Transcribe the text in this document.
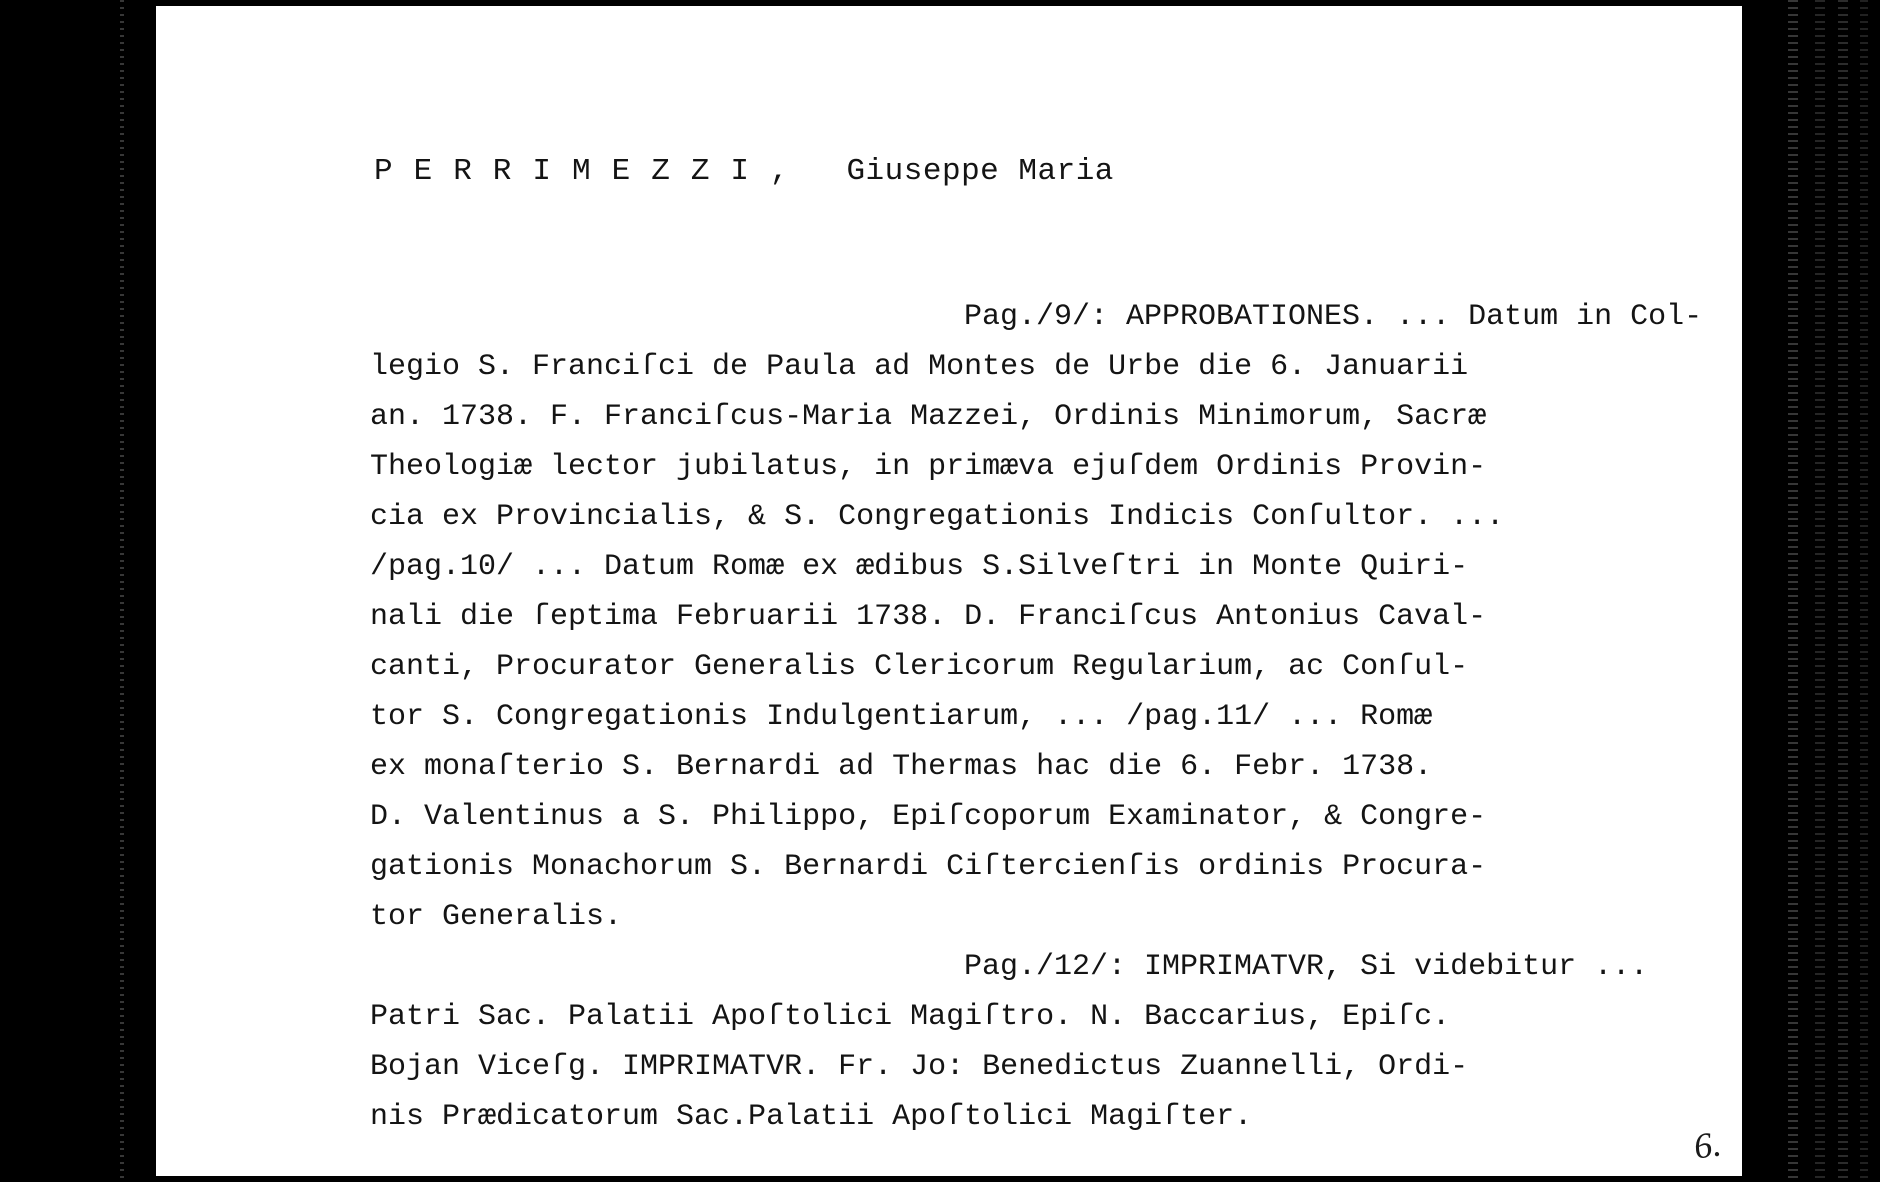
PERRIMEZZI, Giuseppe Maria
Pag./9/: APPROBATIONES. ... Datum in Col-
legio S. Franciſci de Paula ad Montes de Urbe die 6. Januarii
an. 1738. F. Franciſcus-Maria Mazzei, Ordinis Minimorum, Sacræ
Theologiæ lector jubilatus, in primæva ejuſdem Ordinis Provin-
cia ex Provincialis, & S. Congregationis Indicis Conſultor. ...
/pag.10/ ... Datum Romæ ex ædibus S.Silveſtri in Monte Quiri-
nali die ſeptima Februarii 1738. D. Franciſcus Antonius Caval-
canti, Procurator Generalis Clericorum Regularium, ac Conſul-
tor S. Congregationis Indulgentiarum, ... /pag.11/ ... Romæ
ex monaſterio S. Bernardi ad Thermas hac die 6. Febr. 1738.
D. Valentinus a S. Philippo, Epiſcoporum Examinator, & Congre-
gationis Monachorum S. Bernardi Ciſtercienſis ordinis Procura-
tor Generalis.
Pag./12/: IMPRIMATVR, Si videbitur ...
Patri Sac. Palatii Apoſtolici Magiſtro. N. Baccarius, Epiſc.
Bojan Viceſg. IMPRIMATVR. Fr. Jo: Benedictus Zuannelli, Ordi-
nis Prædicatorum Sac.Palatii Apoſtolici Magiſter.
6.
